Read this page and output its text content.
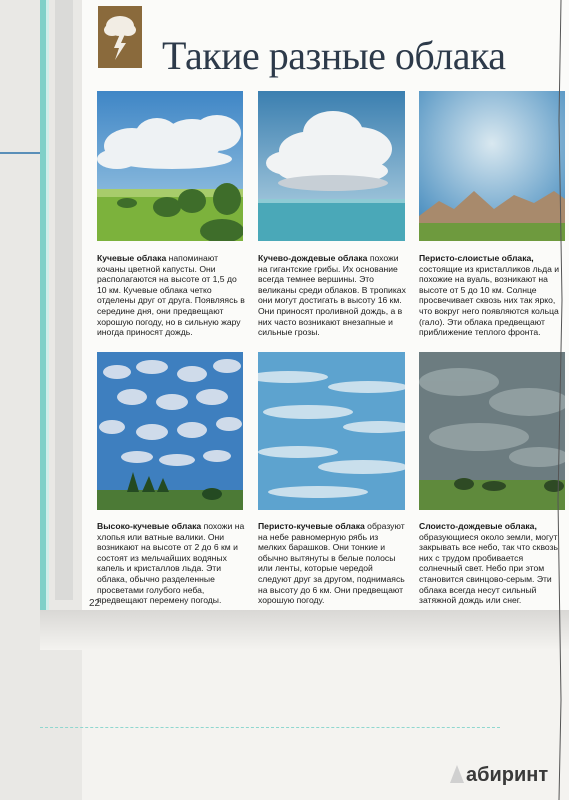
Такие разные облака
Кучевые облака напоминают кочаны цветной капусты. Они располагаются на высоте от 1,5 до 10 км. Кучевые облака четко отделены друг от друга. Появляясь в середине дня, они предвещают хорошую погоду, но в сильную жару иногда приносят дождь.
Кучево-дождевые облака похожи на гигантские грибы. Их основание всегда темнее вершины. Это великаны среди облаков. В тропиках они могут достигать в высоту 16 км. Они приносят проливной дождь, а в них часто возникают внезапные и сильные грозы.
Перисто-слоистые облака, состоящие из кристалликов льда и похожие на вуаль, возникают на высоте от 5 до 10 км. Солнце просвечивает сквозь них так ярко, что вокруг него появляются кольца (гало). Эти облака предвещают приближение теплого фронта.
Высоко-кучевые облака похожи на хлопья или ватные валики. Они возникают на высоте от 2 до 6 км и состоят из мельчайших водяных капель и кристаллов льда. Эти облака, обычно разделенные просветами голубого неба, предвещают перемену погоды.
Перисто-кучевые облака образуют на небе равномерную рябь из мелких барашков. Они тонкие и обычно вытянуты в белые полосы или ленты, которые чередой следуют друг за другом, поднимаясь на высоту до 6 км. Они предвещают хорошую погоду.
Слоисто-дождевые облака, образующиеся около земли, могут закрывать все небо, так что сквозь них с трудом пробивается солнечный свет. Небо при этом становится свинцово-серым. Эти облака всегда несут сильный затяжной дождь или снег.
22
абиринт
